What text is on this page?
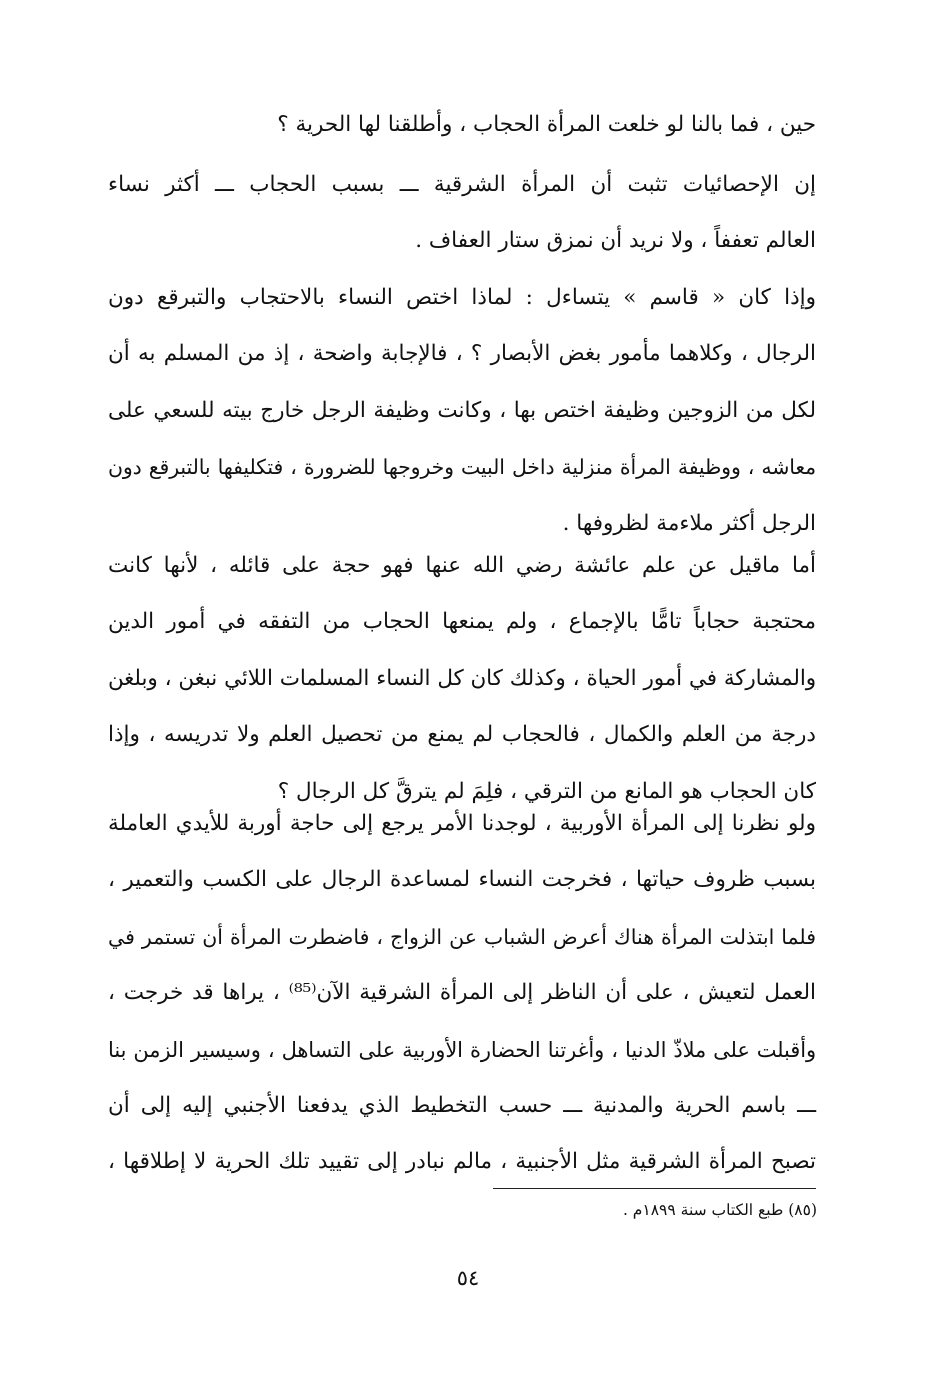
حين ، فما بالنا لو خلعت المرأة الحجاب ، وأطلقنا لها الحرية ؟
إن الإحصائيات تثبت أن المرأة الشرقية ـــ بسبب الحجاب ـــ أكثر نساء
العالم تعففاً ، ولا نريد أن نمزق ستار العفاف .
وإذا كان « قاسم » يتساءل : لماذا اختص النساء بالاحتجاب والتبرقع دون
الرجال ، وكلاهما مأمور بغض الأبصار ؟ ، فالإجابة واضحة ، إذ من المسلم به أن
لكل من الزوجين وظيفة اختص بها ، وكانت وظيفة الرجل خارج بيته للسعي على
معاشه ، ووظيفة المرأة منزلية داخل البيت وخروجها للضرورة ، فتكليفها بالتبرقع دون
الرجل أكثر ملاءمة لظروفها .
أما ماقيل عن علم عائشة رضي الله عنها فهو حجة على قائله ، لأنها كانت
محتجبة حجاباً تامًّا بالإجماع ، ولم يمنعها الحجاب من التفقه في أمور الدين
والمشاركة في أمور الحياة ، وكذلك كان كل النساء المسلمات اللائي نبغن ، وبلغن
درجة من العلم والكمال ، فالحجاب لم يمنع من تحصيل العلم ولا تدريسه ، وإذا
كان الحجاب هو المانع من الترقي ، فلِمَ لم يترقَّ كل الرجال ؟
ولو نظرنا إلى المرأة الأوربية ، لوجدنا الأمر يرجع إلى حاجة أوربة للأيدي العاملة
بسبب ظروف حياتها ، فخرجت النساء لمساعدة الرجال على الكسب والتعمير ،
فلما ابتذلت المرأة هناك أعرض الشباب عن الزواج ، فاضطرت المرأة أن تستمر في
العمل لتعيش ، على أن الناظر إلى المرأة الشرقية الآن⁽⁸⁵⁾ ، يراها قد خرجت ،
وأقبلت على ملاذّ الدنيا ، وأغرتنا الحضارة الأوربية على التساهل ، وسيسير الزمن بنا
ـــ باسم الحرية والمدنية ـــ حسب التخطيط الذي يدفعنا الأجنبي إليه إلى أن
تصبح المرأة الشرقية مثل الأجنبية ، مالم نبادر إلى تقييد تلك الحرية لا إطلاقها ،
(٨٥) طبع الكتاب سنة ١٨٩٩م .
٥٤
